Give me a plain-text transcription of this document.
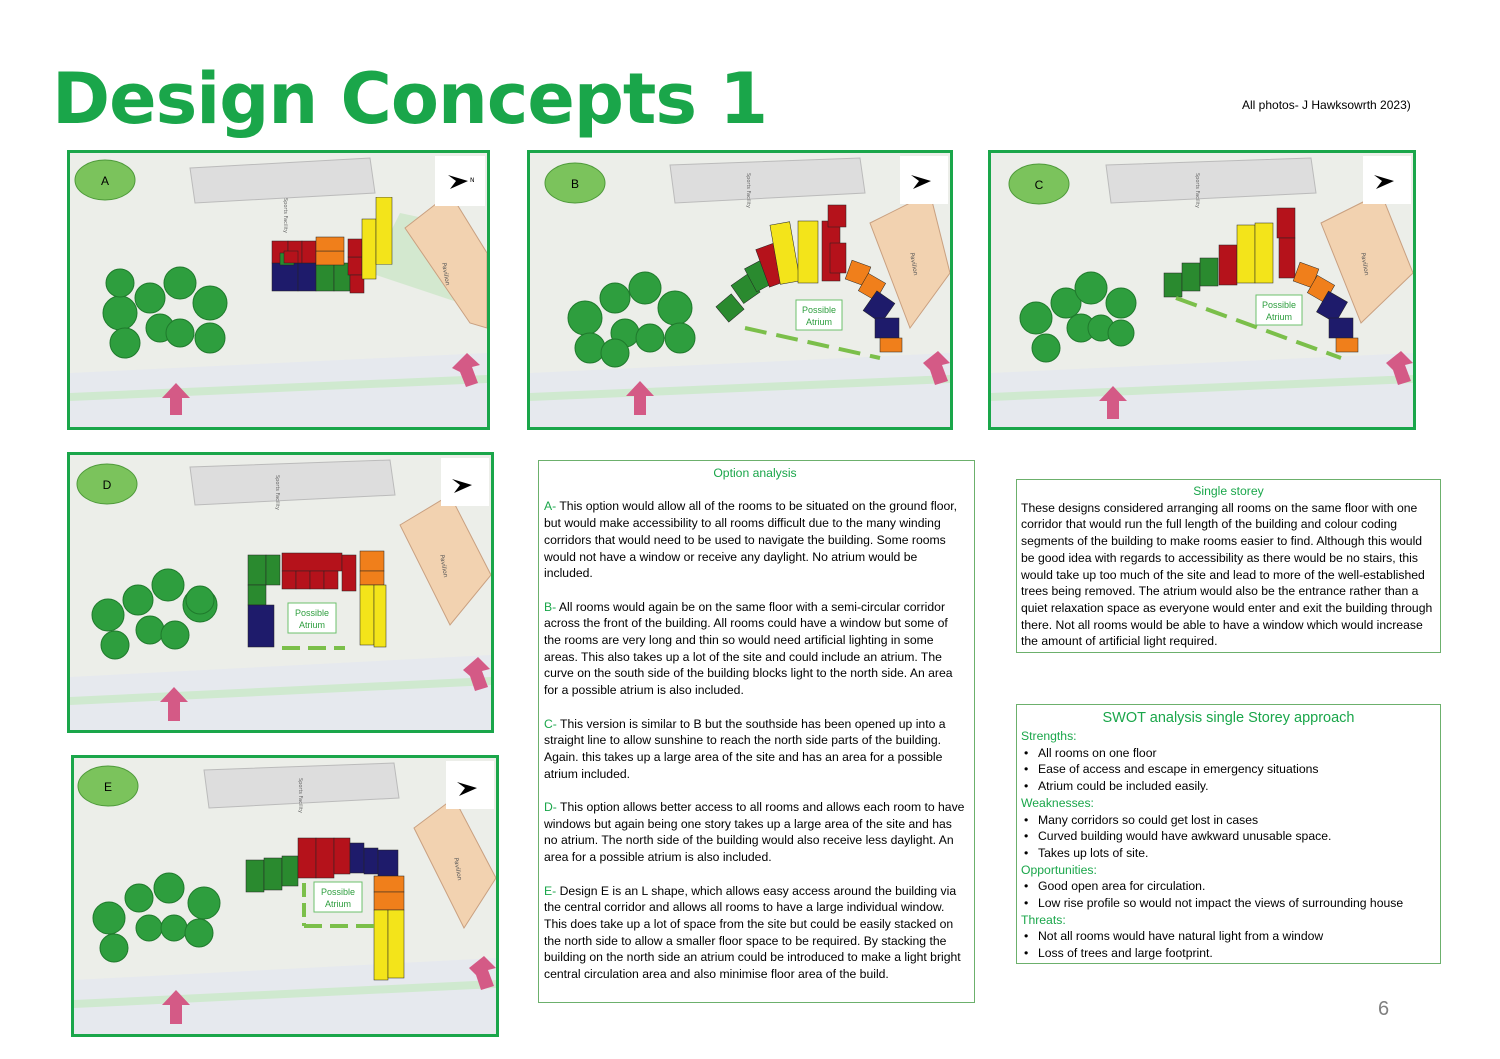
Design Concepts 1	All photos- J Hawksowrth 2023)
Pavilion
Sports Facility
A	N
Pavilion
Sports Facility
Possible
Atrium
B
Pavilion
Sports Facility
Possible
Atrium
C
Pavilion
Sports Facility
Possible
Atrium
D
Pavilion
Sports Facility
Possible
Atrium
E
Option analysis

A- This option would allow all of the rooms to be situated on the ground floor, but would make accessibility to all rooms difficult due to the many winding corridors that would need to be used to navigate the building. Some rooms would not have a window or receive any daylight. No atrium would be included.

B- All rooms would again be on the same floor with a semi-circular corridor across the front of the building. All rooms could have a window but some of the rooms are very long and thin so would need artificial lighting in some areas. This also takes up a lot of the site and could include an atrium. The curve on the south side of the building blocks light to the north side. An area for a possible atrium is also included.

C- This version is similar to B but the southside has been opened up into a straight line to allow sunshine to reach the north side parts of the building. Again. this takes up a large area of the site and has an area for a possible atrium included.

D- This option allows better access to all rooms and allows each room to have windows but again being one story takes up a large area of the site and has no atrium. The north side of the building would also receive less daylight. An area for a possible atrium is also included.

E- Design E is an L shape, which allows easy access around the building via the central corridor and allows all rooms to have a large individual window. This does take up a lot of space from the site but could be easily stacked on the north side to allow a smaller floor space to be required. By stacking the building on the north side an atrium could be introduced to make a light bright central circulation area and also minimise floor area of the build.

Single storey
These designs considered arranging all rooms on the same floor with one corridor that would run the full length of the building and colour coding segments of the building to make rooms easier to find. Although this would be good idea with regards to accessibility as there would be no stairs, this would take up too much of the site and lead to more of the well-established trees being removed. The atrium would also be the entrance rather than a quiet relaxation space as everyone would enter and exit the building through there. Not all rooms would be able to have a window which would increase the amount of artificial light required.
SWOT analysis single Storey approach
Strengths:
• All rooms on one floor
• Ease of access and escape in emergency situations
• Atrium could be included easily.
Weaknesses:
• Many corridors so could get lost in cases
• Curved building would have awkward unusable space.
• Takes up lots of site.
Opportunities:
• Good open area for circulation.
• Low rise profile so would not impact the views of surrounding house
Threats:
• Not all rooms would have natural light from a window
• Loss of trees and large footprint.
6
